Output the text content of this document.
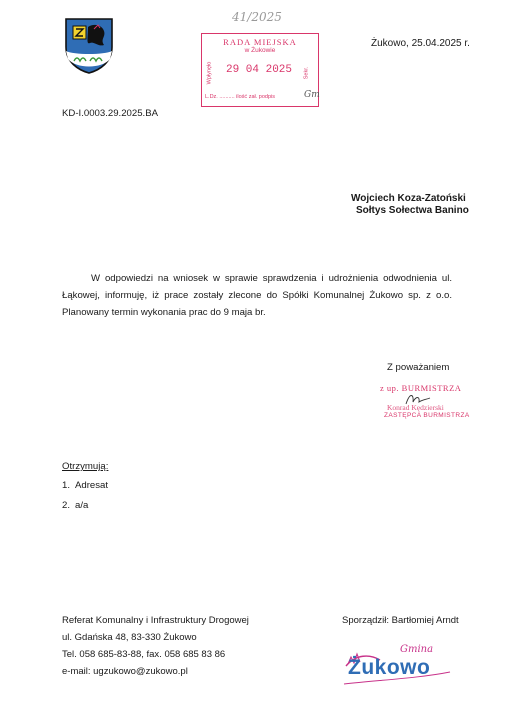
41/2025
RADA MIEJSKA
w Żukowie
Wpłynęło 29 04 2025 Sekr.
L.Dz. .......... ilość zał. podpis	Gm
Żukowo, 25.04.2025 r.
KD-I.0003.29.2025.BA
Wojciech Koza-Zatoński
Sołtys Sołectwa Banino
W odpowiedzi na wniosek w sprawie sprawdzenia i udrożnienia odwodnienia ul. Łąkowej, informuję, iż prace zostały zlecone do Spółki Komunalnej Żukowo sp. z o.o. Planowany termin wykonania prac do 9 maja br.
Z poważaniem
z up. BURMISTRZA
Konrad Kędzierski
ZASTĘPCA BURMISTRZA
Otrzymują:
1. Adresat
2. a/a
Referat Komunalny i Infrastruktury Drogowej
ul. Gdańska 48, 83-330 Żukowo
Tel. 058 685-83-88, fax. 058 685 83 86
e-mail: ugzukowo@zukowo.pl
Sporządził: Bartłomiej Arndt
Gmina
Żukowo
